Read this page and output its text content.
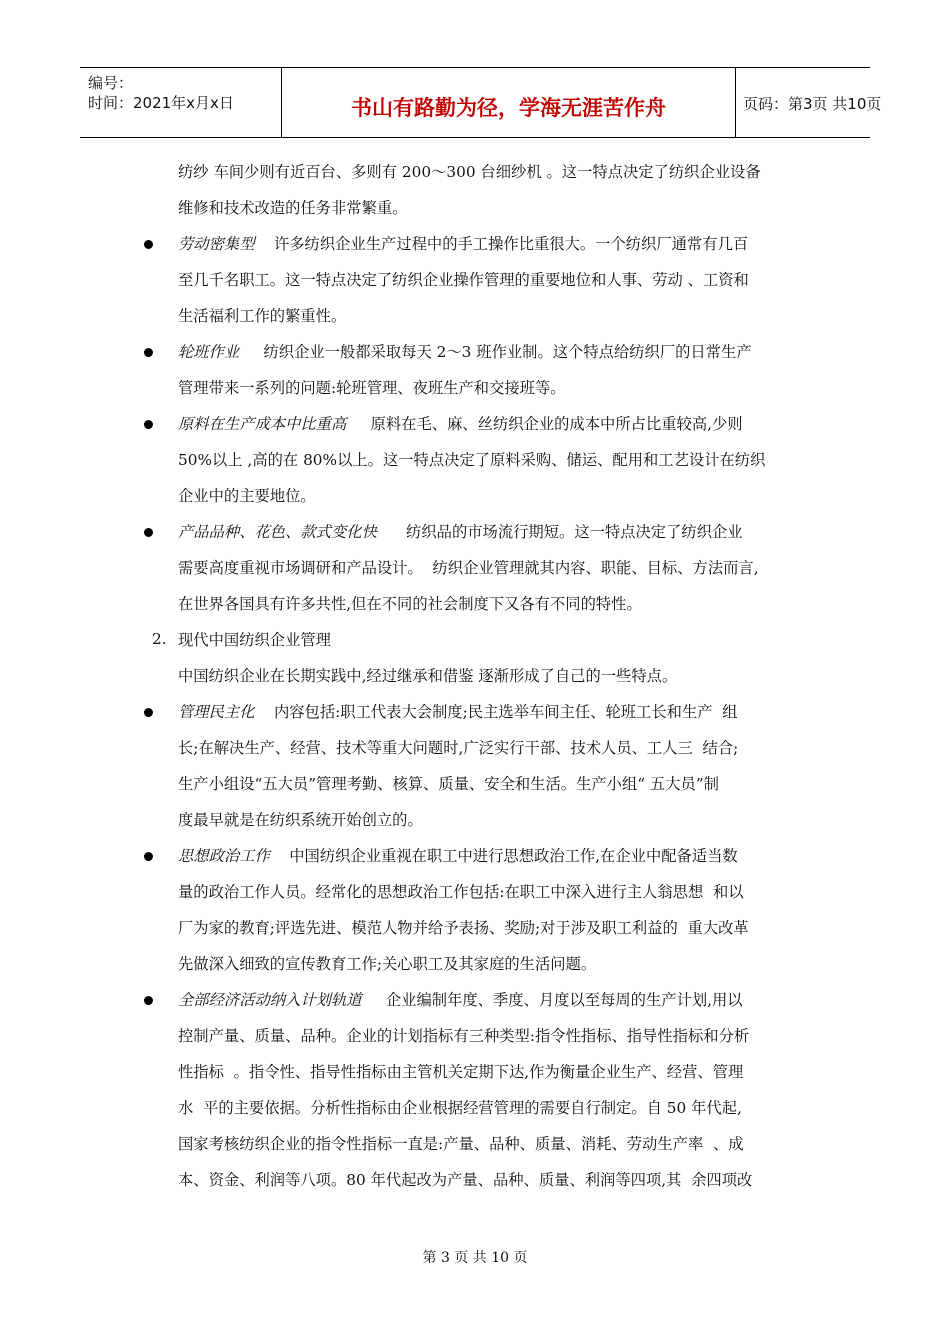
编号：
时间：2021年x月x日	书山有路勤为径，学海无涯苦作舟	页码：第3页 共10页
纺纱 车间少则有近百台、多则有 200～300 台细纱机 。这一特点决定了纺织企业设备
维修和技术改造的任务非常繁重。
劳动密集型    许多纺织企业生产过程中的手工操作比重很大。一个纺织厂通常有几百
至几千名职工。这一特点决定了纺织企业操作管理的重要地位和人事、劳动 、工资和
生活福利工作的繁重性。
轮班作业     纺织企业一般都采取每天 2～3 班作业制。这个特点给纺织厂的日常生产
管理带来一系列的问题:轮班管理、夜班生产和交接班等。
原料在生产成本中比重高     原料在毛、麻、丝纺织企业的成本中所占比重较高,少则
50%以上 ,高的在 80%以上。这一特点决定了原料采购、储运、配用和工艺设计在纺织
企业中的主要地位。
产品品种、花色、款式变化快      纺织品的市场流行期短。这一特点决定了纺织企业
需要高度重视市场调研和产品设计。  纺织企业管理就其内容、职能、目标、方法而言,
在世界各国具有许多共性,但在不同的社会制度下又各有不同的特性。
2. 现代中国纺织企业管理
中国纺织企业在长期实践中,经过继承和借鉴 逐渐形成了自己的一些特点。
管理民主化    内容包括:职工代表大会制度;民主选举车间主任、轮班工长和生产  组
长;在解决生产、经营、技术等重大问题时,广泛实行干部、技术人员、工人三  结合;
生产小组设“五大员”管理考勤、核算、质量、安全和生活。生产小组“ 五大员”制
度最早就是在纺织系统开始创立的。
思想政治工作    中国纺织企业重视在职工中进行思想政治工作,在企业中配备适当数
量的政治工作人员。经常化的思想政治工作包括:在职工中深入进行主人翁思想  和以
厂为家的教育;评选先进、模范人物并给予表扬、奖励;对于涉及职工利益的  重大改革
先做深入细致的宣传教育工作;关心职工及其家庭的生活问题。
全部经济活动纳入计划轨道     企业编制年度、季度、月度以至每周的生产计划,用以
控制产量、质量、品种。企业的计划指标有三种类型:指令性指标、指导性指标和分析
性指标  。指令性、指导性指标由主管机关定期下达,作为衡量企业生产、经营、管理
水  平的主要依据。分析性指标由企业根据经营管理的需要自行制定。自 50 年代起,
国家考核纺织企业的指令性指标一直是:产量、品种、质量、消耗、劳动生产率  、成
本、资金、利润等八项。80 年代起改为产量、品种、质量、利润等四项,其  余四项改
第 3 页 共 10 页
